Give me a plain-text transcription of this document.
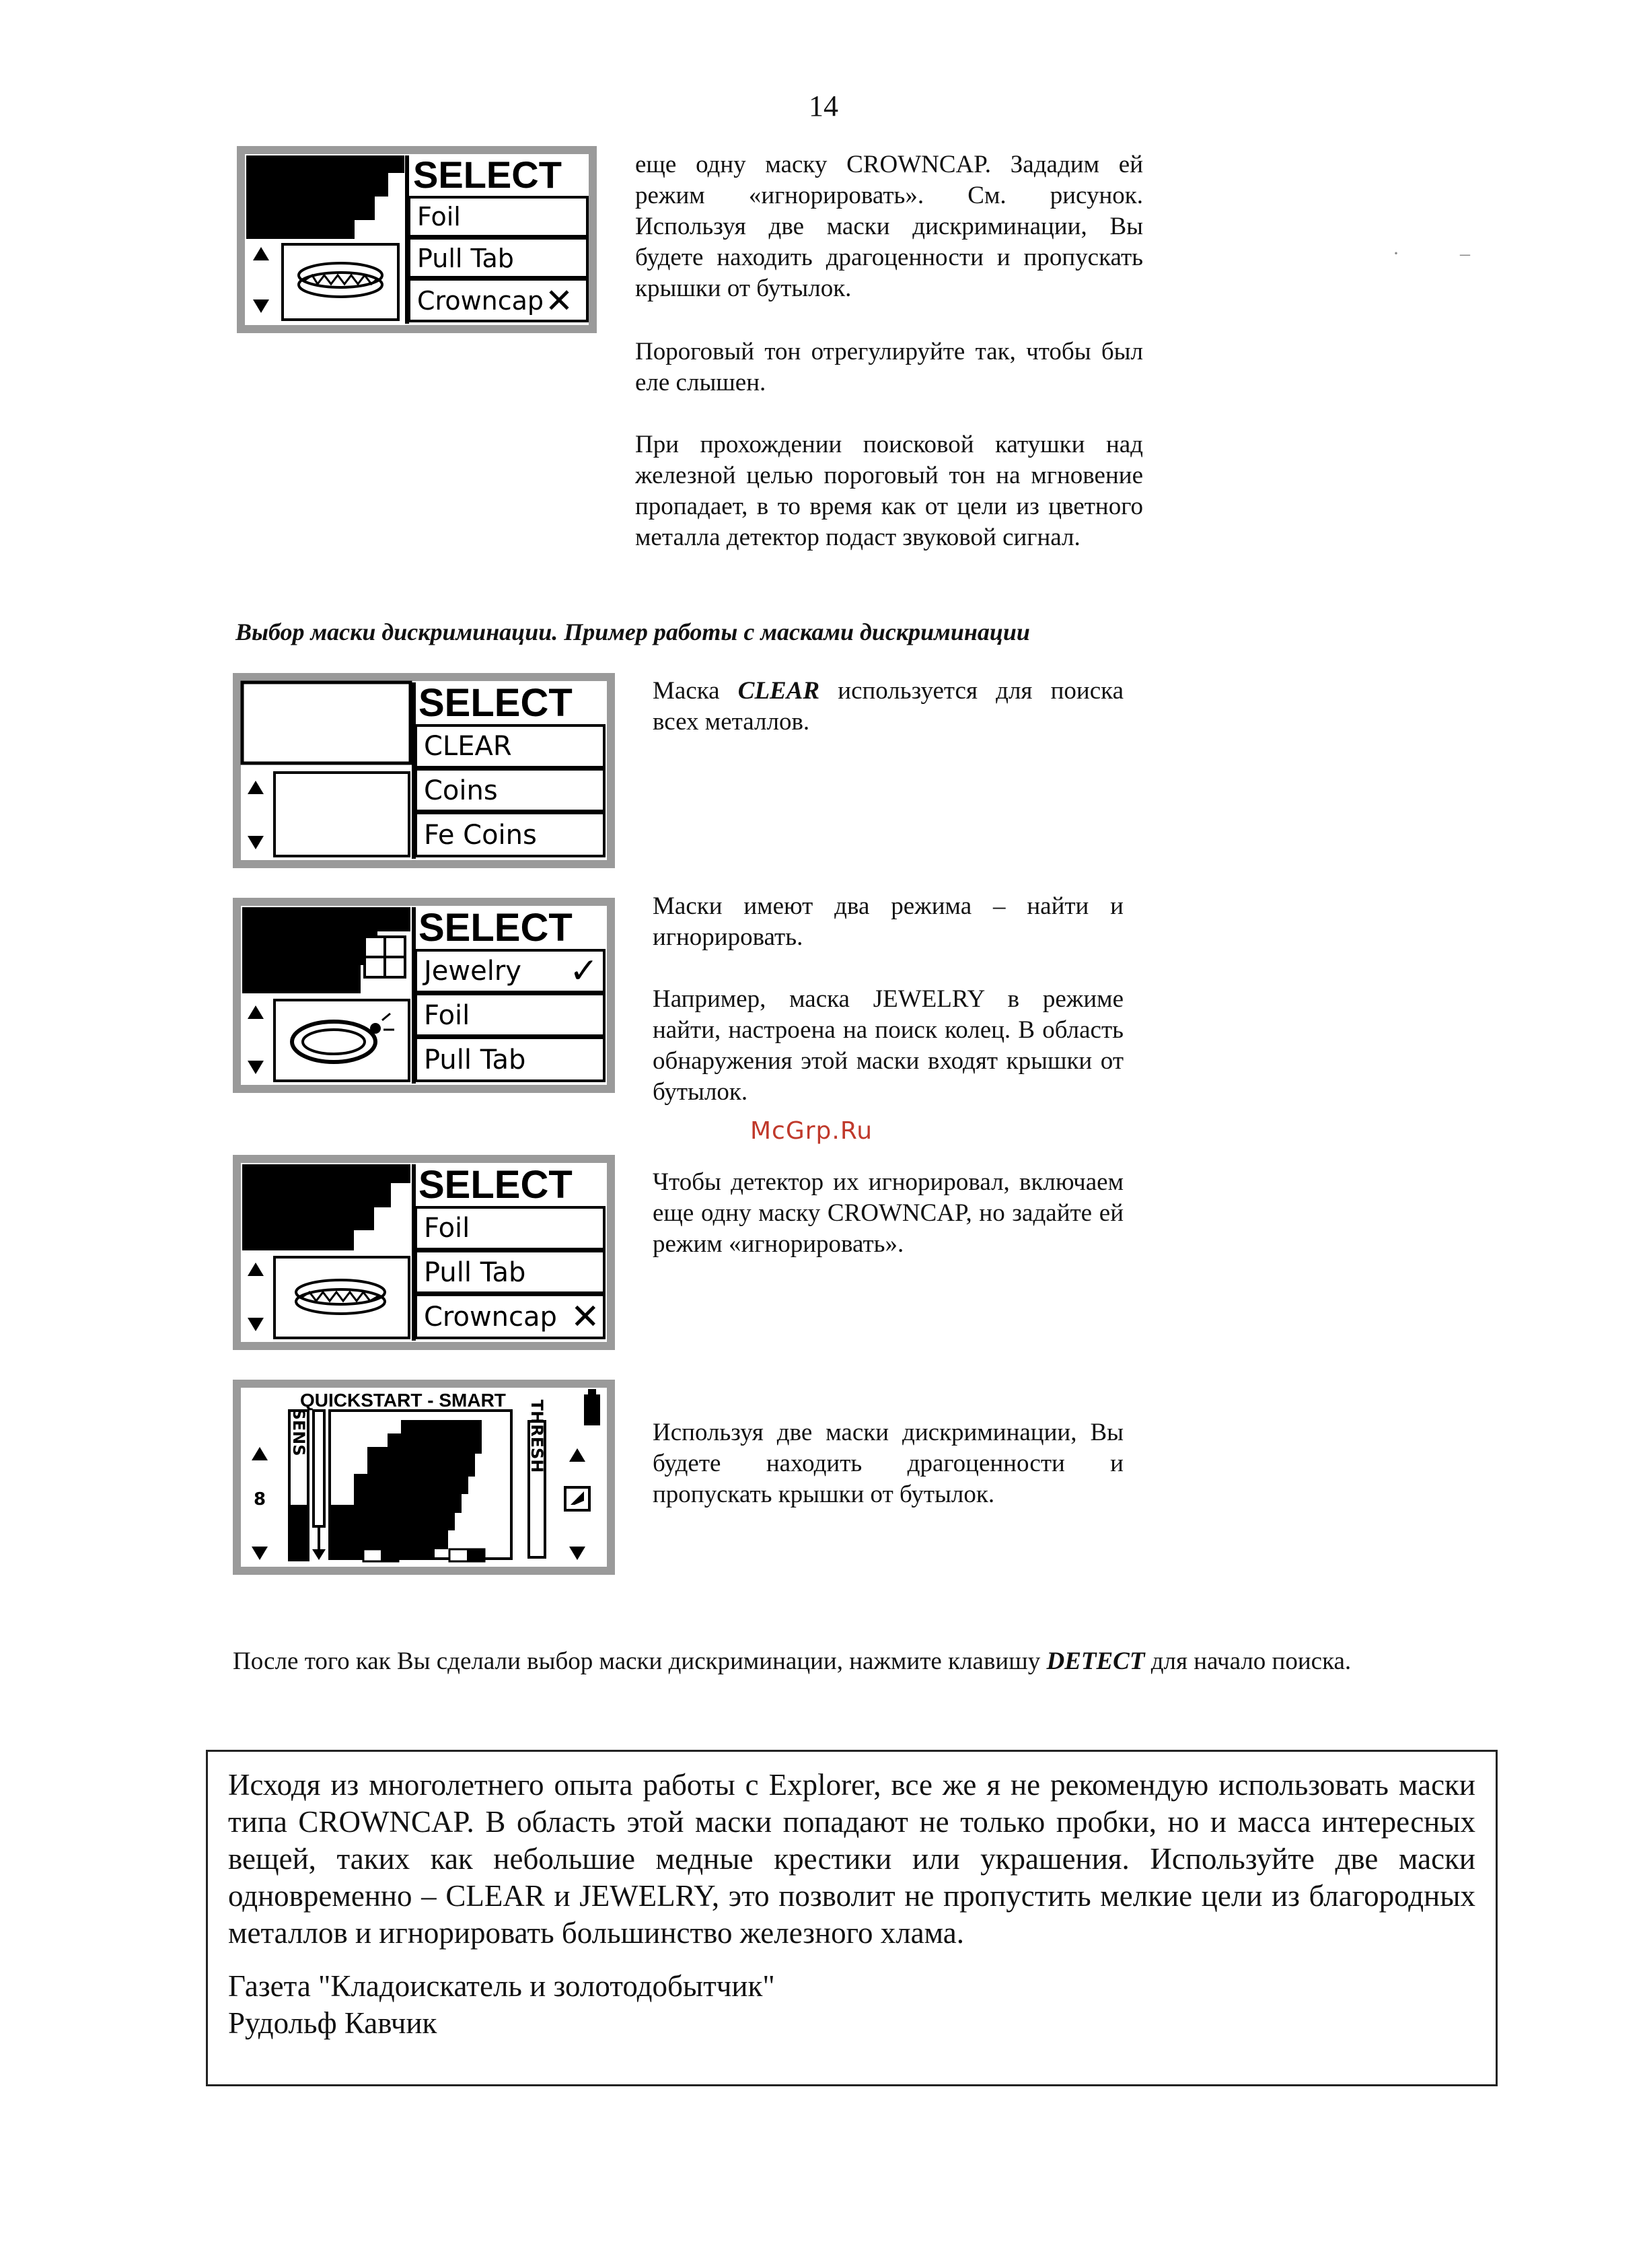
14
SELECT
Foil
Pull Tab
Crowncap ✕
еще одну маску CROWNCAP. Зададим ей режим «игнорировать». См. рисунок. Используя две маски дискриминации, Вы будете находить драгоценности и пропускать крышки от бутылок.
Пороговый тон отрегулируйте так, чтобы был еле слышен.
При прохождении поисковой катушки над железной целью пороговый тон на мгновение пропадает, в то время как от цели из цветного металла детектор подаст звуковой сигнал.
·            –
Выбор маски дискриминации. Пример работы с масками дискриминации
SELECT
CLEAR
Coins
Fe Coins
Маска CLEAR используется для поиска всех металлов.
SELECT
Jewelry ✓
Foil
Pull Tab
Маски имеют два режима – найти и игнорировать.
Например, маска JEWELRY в режиме найти, настроена на поиск колец. В область обнаружения этой маски входят крышки от бутылок.
McGrp.Ru
SELECT
Foil
Pull Tab
Crowncap ✕
Чтобы детектор их игнорировал, включаем еще одну маску CROWNCAP, но задайте ей режим «игнорировать».
QUICKSTART - SMART
SENS	THRESH
8
Используя две маски дискриминации, Вы будете находить драгоценности и пропускать крышки от бутылок.
После того как Вы сделали выбор маски дискриминации, нажмите клавишу DETECT для начало поиска.
Исходя из многолетнего опыта работы с Explorer, все же я не рекомендую использовать маски типа CROWNCAP. В область этой маски попадают не только пробки, но и масса интересных вещей, таких как небольшие медные крестики или украшения. Используйте две маски одновременно – CLEAR и JEWELRY, это позволит не пропустить мелкие цели из благородных металлов и игнорировать большинство железного хлама.
Газета "Кладоискатель и золотодобытчик"
Рудольф Кавчик
